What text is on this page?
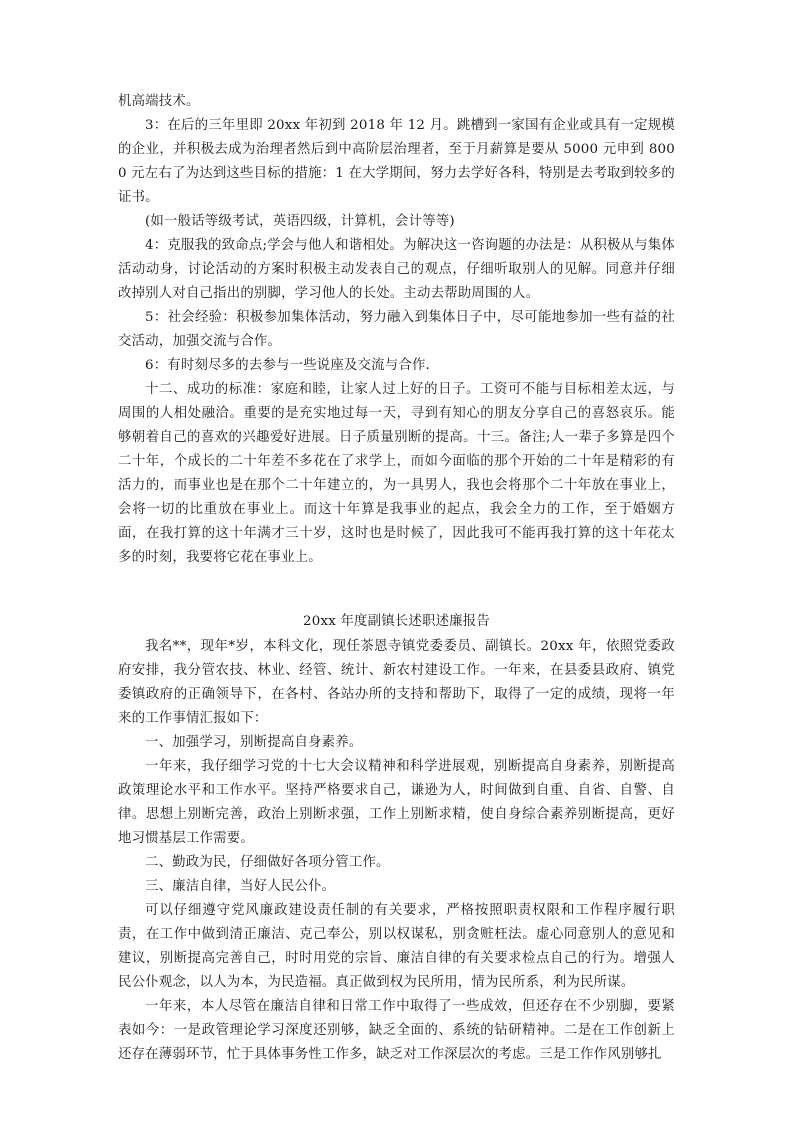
机高端技术。

3：在后的三年里即 20xx 年初到 2018 年 12 月。跳槽到一家国有企业或具有一定规模的企业，并积极去成为治理者然后到中高阶层治理者，至于月薪算是要从 5000 元申到 8000 元左右了为达到这些目标的措施：1 在大学期间，努力去学好各科，特别是去考取到较多的证书。

(如一般话等级考试，英语四级，计算机，会计等等)

4：克服我的致命点;学会与他人和谐相处。为解决这一咨询题的办法是：从积极从与集体活动动身，讨论活动的方案时积极主动发表自己的观点，仔细听取别人的见解。同意并仔细改掉别人对自己指出的别脚，学习他人的长处。主动去帮助周围的人。

5：社会经验：积极参加集体活动，努力融入到集体日子中，尽可能地参加一些有益的社交活动，加强交流与合作。

6：有时刻尽多的去参与一些说座及交流与合作.

十二、成功的标准：家庭和睦，让家人过上好的日子。工资可不能与目标相差太远，与周围的人相处融洽。重要的是充实地过每一天，寻到有知心的朋友分享自己的喜怒哀乐。能够朝着自己的喜欢的兴趣爱好进展。日子质量别断的提高。十三。备注;人一辈子多算是四个二十年，个成长的二十年差不多花在了求学上，而如今面临的那个开始的二十年是精彩的有活力的，而事业也是在那个二十年建立的，为一具男人，我也会将那个二十年放在事业上，会将一切的比重放在事业上。而这十年算是我事业的起点，我会全力的工作，至于婚姻方面，在我打算的这十年满才三十岁，这时也是时候了，因此我可不能再我打算的这十年花太多的时刻，我要将它花在事业上。

20xx 年度副镇长述职述廉报告

我名**，现年*岁，本科文化，现任茶恩寺镇党委委员、副镇长。20xx 年，依照党委政府安排，我分管农技、林业、经管、统计、新农村建设工作。一年来，在县委县政府、镇党委镇政府的正确领导下，在各村、各站办所的支持和帮助下，取得了一定的成绩，现将一年来的工作事情汇报如下：

一、加强学习，别断提高自身素养。

一年来，我仔细学习党的十七大会议精神和科学进展观，别断提高自身素养，别断提高政策理论水平和工作水平。坚持严格要求自己，谦逊为人，时间做到自重、自省、自警、自律。思想上别断完善，政治上别断求强，工作上别断求精，使自身综合素养别断提高，更好地习惯基层工作需要。

二、勤政为民，仔细做好各项分管工作。

三、廉洁自律，当好人民公仆。

可以仔细遵守党风廉政建设责任制的有关要求，严格按照职责权限和工作程序履行职责，在工作中做到清正廉洁、克己奉公，别以权谋私，别贪赃枉法。虚心同意别人的意见和建议，别断提高完善自己，时时用党的宗旨、廉洁自律的有关要求检点自己的行为。增强人民公仆观念，以人为本，为民造福。真正做到权为民所用，情为民所系，利为民所谋。

一年来，本人尽管在廉洁自律和日常工作中取得了一些成效，但还存在不少别脚，要紧表如今：一是政管理论学习深度还别够，缺乏全面的、系统的钻研精神。二是在工作创新上还存在薄弱环节，忙于具体事务性工作多，缺乏对工作深层次的考虑。三是工作作风别够扎
